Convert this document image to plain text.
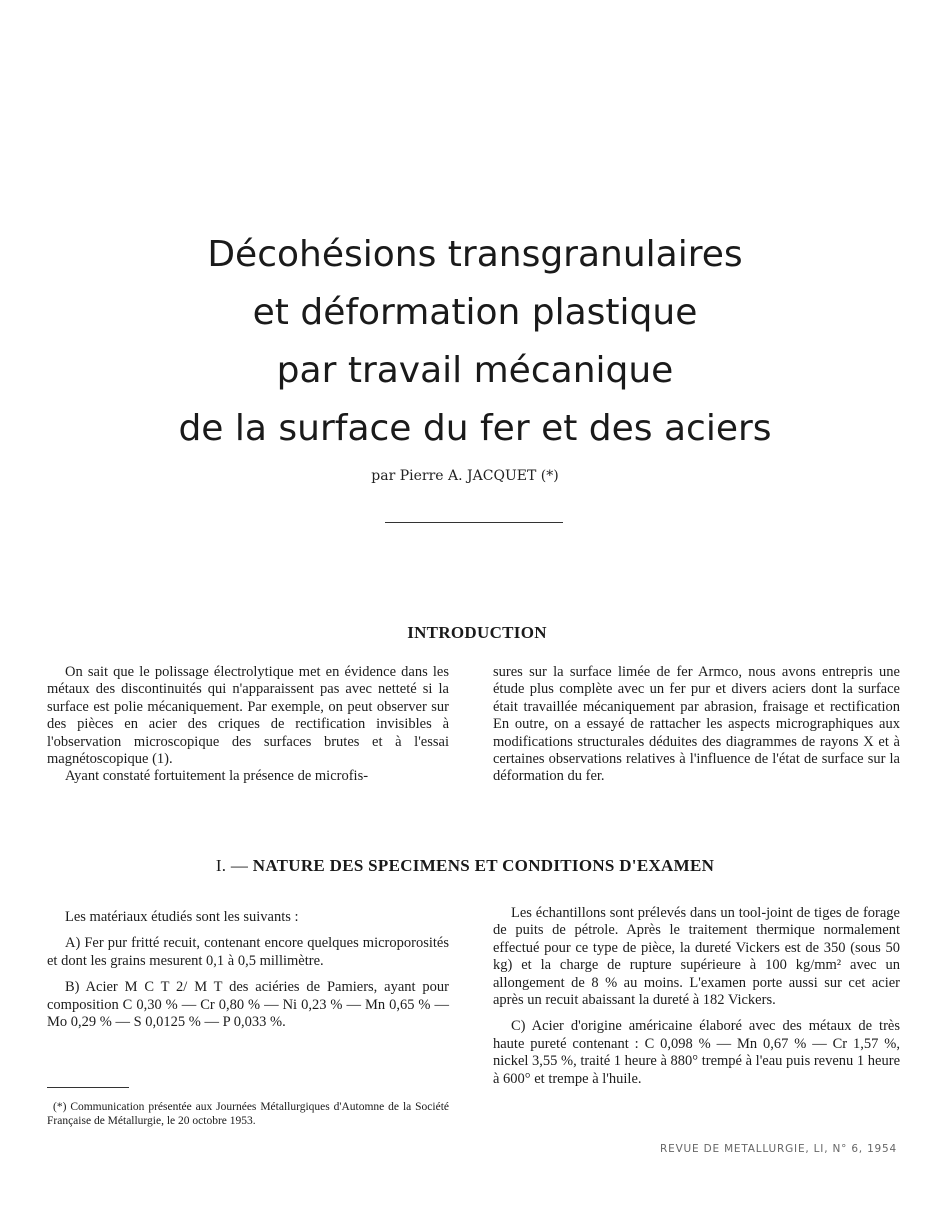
Décohésions transgranulaires
et déformation plastique
par travail mécanique
de la surface du fer et des aciers
par Pierre A. JACQUET (*)
INTRODUCTION

On sait que le polissage électrolytique met en évidence dans les métaux des discontinuités qui n'apparaissent pas avec netteté si la surface est polie mécaniquement. Par exemple, on peut observer sur des pièces en acier des criques de rectification invisibles à l'observation microscopique des surfaces brutes et à l'essai magnétoscopique (1).

Ayant constaté fortuitement la présence de microfis-

sures sur la surface limée de fer Armco, nous avons entrepris une étude plus complète avec un fer pur et divers aciers dont la surface était travaillée mécaniquement par abrasion, fraisage et rectification En outre, on a essayé de rattacher les aspects micrographiques aux modifications structurales déduites des diagrammes de rayons X et à certaines observations relatives à l'influence de l'état de surface sur la déformation du fer.

I. — NATURE DES SPECIMENS ET CONDITIONS D'EXAMEN

Les matériaux étudiés sont les suivants :

A) Fer pur fritté recuit, contenant encore quelques microporosités et dont les grains mesurent 0,1 à 0,5 millimètre.

B) Acier M C T 2/ M T des aciéries de Pamiers, ayant pour composition C 0,30 % — Cr 0,80 % — Ni 0,23 % — Mn 0,65 % — Mo 0,29 % — S 0,0125 % — P 0,033 %.

Les échantillons sont prélevés dans un tool-joint de tiges de forage de puits de pétrole. Après le traitement thermique normalement effectué pour ce type de pièce, la dureté Vickers est de 350 (sous 50 kg) et la charge de rupture supérieure à 100 kg/mm² avec un allongement de 8 % au moins. L'examen porte aussi sur cet acier après un recuit abaissant la dureté à 182 Vickers.

C) Acier d'origine américaine élaboré avec des métaux de très haute pureté contenant : C 0,098 % — Mn 0,67 % — Cr 1,57 %, nickel 3,55 %, traité 1 heure à 880° trempé à l'eau puis revenu 1 heure à 600° et trempe à l'huile.

(*) Communication présentée aux Journées Métallurgiques d'Automne de la Société Française de Métallurgie, le 20 octobre 1953.

REVUE DE METALLURGIE, LI, N° 6, 1954
